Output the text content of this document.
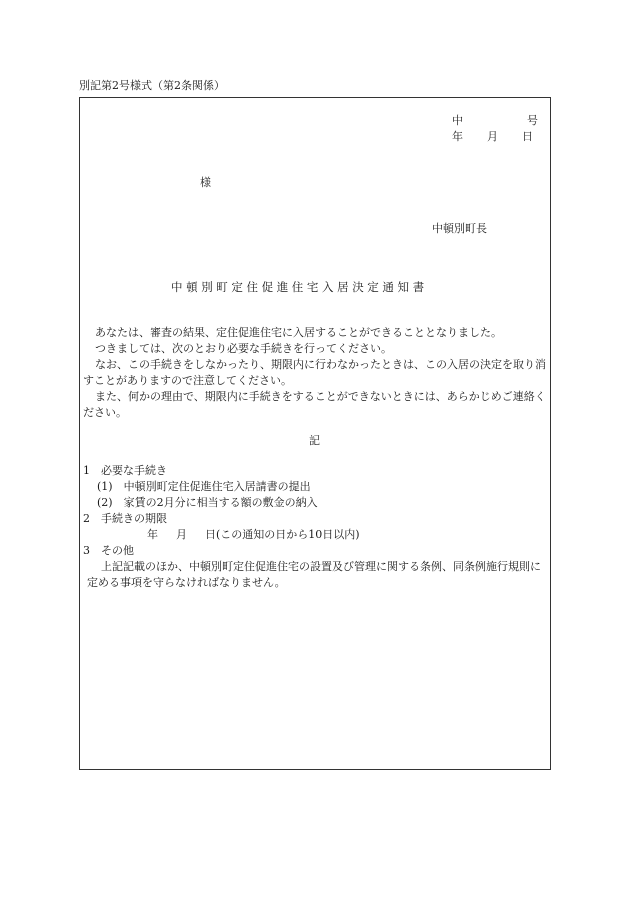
別記第2号様式（第2条関係）
中	号
年 月 日
様
中頓別町長
中頓別町定住促進住宅入居決定通知書

あなたは、審査の結果、定住促進住宅に入居することができることとなりました。

つきましては、次のとおり必要な手続きを行ってください。

なお、この手続きをしなかったり、期限内に行わなかったときは、この入居の決定を取り消すことがありますので注意してください。

また、何かの理由で、期限内に手続きをすることができないときには、あらかじめご連絡ください。

記
1　必要な手続き
(1)　中頓別町定住促進住宅入居請書の提出
(2)　家賃の2月分に相当する額の敷金の納入
2　手続きの期限
年 月 日(この通知の日から10日以内)
3　その他
上記記載のほか、中頓別町定住促進住宅の設置及び管理に関する条例、同条例施行規則に定める事項を守らなければなりません。
